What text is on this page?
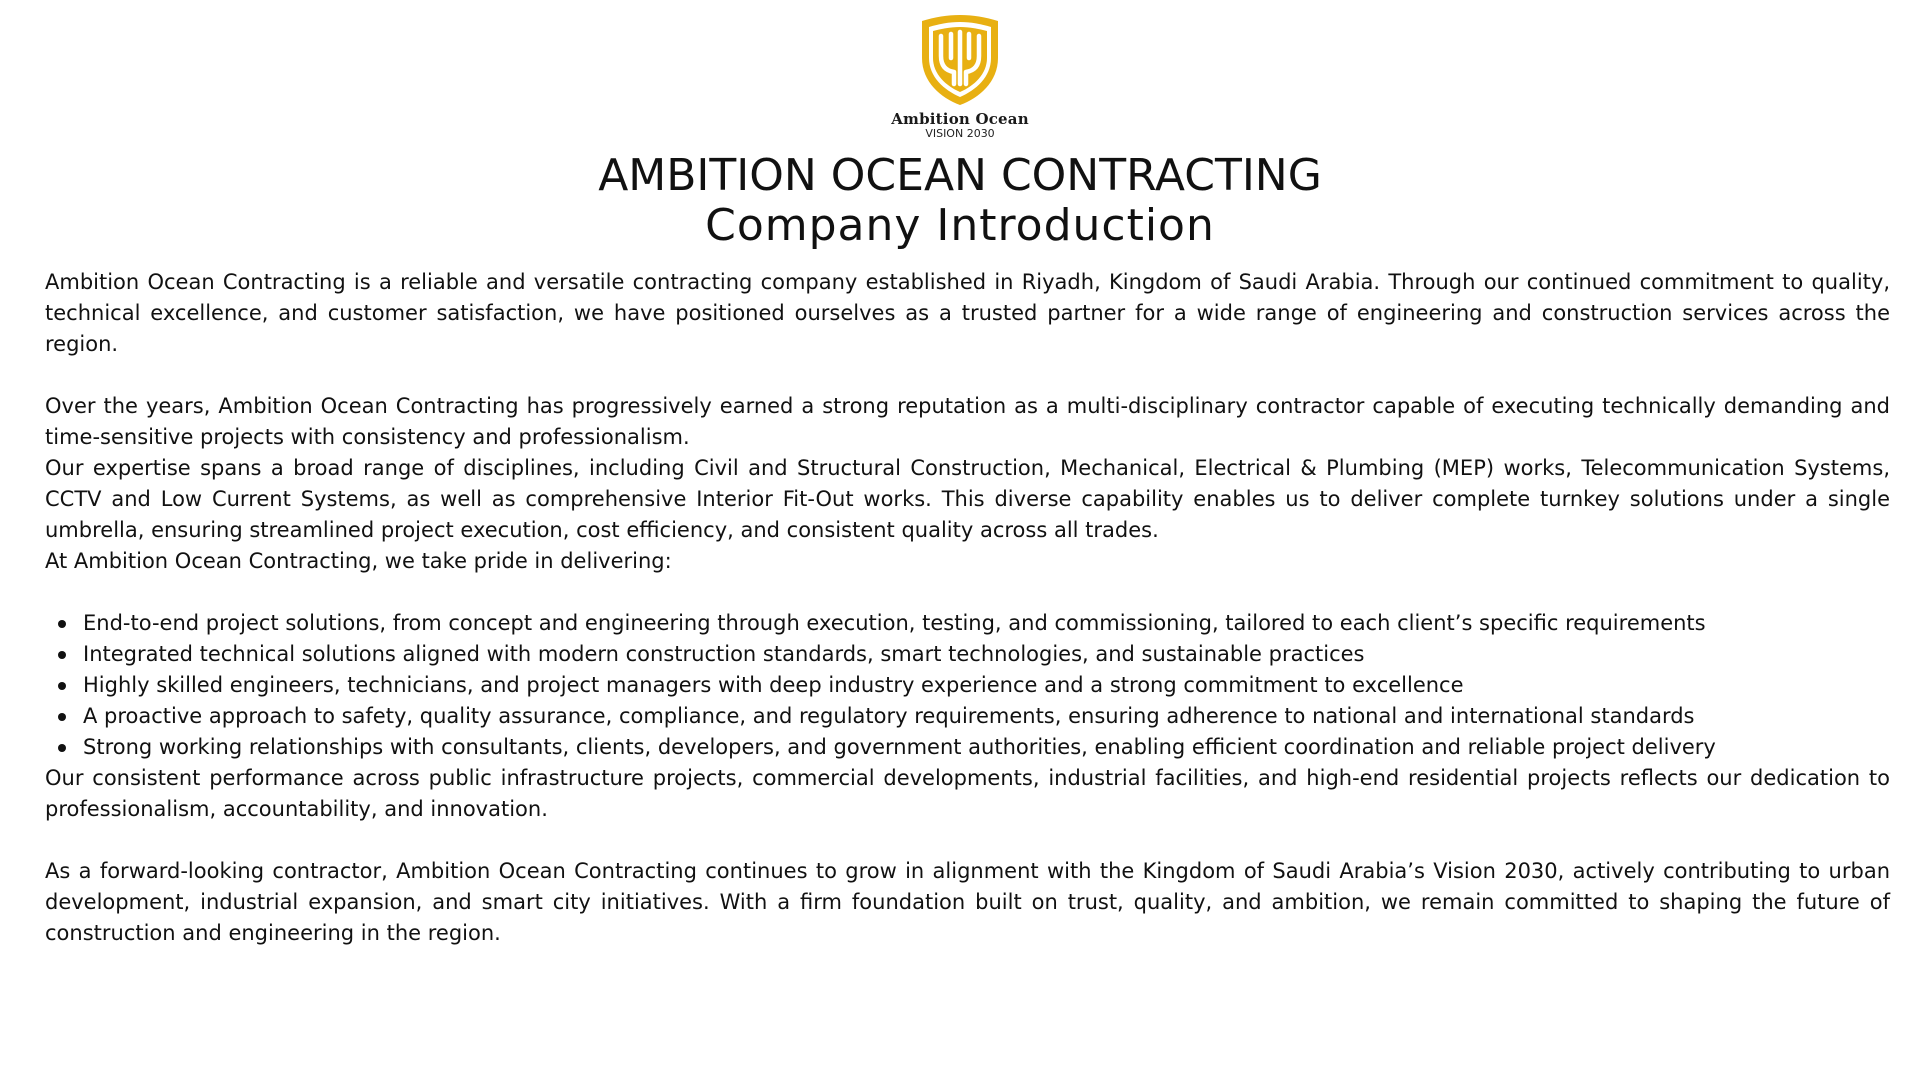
Ambition Ocean
VISION 2030
AMBITION OCEAN CONTRACTING
Company Introduction

Ambition Ocean Contracting is a reliable and versatile contracting company established in Riyadh, Kingdom of Saudi Arabia. Through our continued commitment to quality, technical excellence, and customer satisfaction, we have positioned ourselves as a trusted partner for a wide range of engineering and construction services across the region.

Over the years, Ambition Ocean Contracting has progressively earned a strong reputation as a multi-disciplinary contractor capable of executing technically demanding and time-sensitive projects with consistency and professionalism.

Our expertise spans a broad range of disciplines, including Civil and Structural Construction, Mechanical, Electrical & Plumbing (MEP) works, Telecommunication Systems, CCTV and Low Current Systems, as well as comprehensive Interior Fit-Out works. This diverse capability enables us to deliver complete turnkey solutions under a single umbrella, ensuring streamlined project execution, cost efficiency, and consistent quality across all trades.

At Ambition Ocean Contracting, we take pride in delivering:

End-to-end project solutions, from concept and engineering through execution, testing, and commissioning, tailored to each client’s specific requirements
Integrated technical solutions aligned with modern construction standards, smart technologies, and sustainable practices
Highly skilled engineers, technicians, and project managers with deep industry experience and a strong commitment to excellence
A proactive approach to safety, quality assurance, compliance, and regulatory requirements, ensuring adherence to national and international standards
Strong working relationships with consultants, clients, developers, and government authorities, enabling efficient coordination and reliable project delivery

Our consistent performance across public infrastructure projects, commercial developments, industrial facilities, and high-end residential projects reflects our dedication to professionalism, accountability, and innovation.

As a forward-looking contractor, Ambition Ocean Contracting continues to grow in alignment with the Kingdom of Saudi Arabia’s Vision 2030, actively contributing to urban development, industrial expansion, and smart city initiatives. With a firm foundation built on trust, quality, and ambition, we remain committed to shaping the future of construction and engineering in the region.
